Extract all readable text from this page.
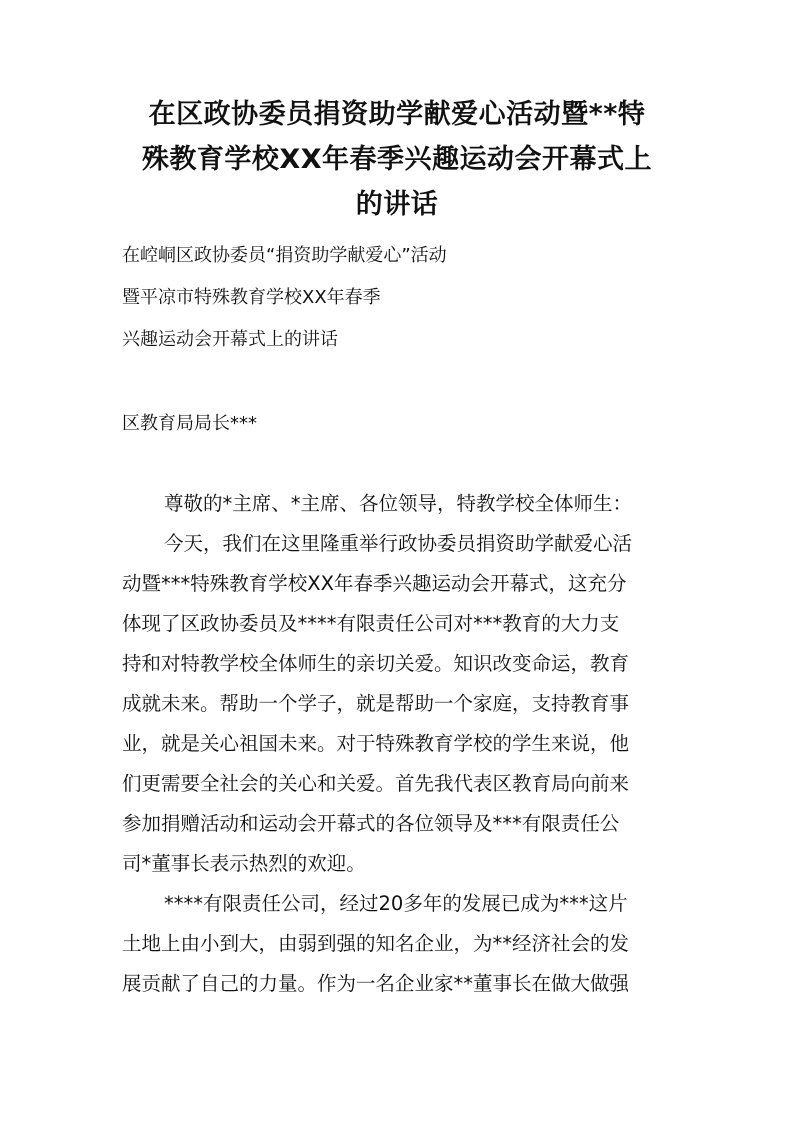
在区政协委员捐资助学献爱心活动暨**特
殊教育学校XX年春季兴趣运动会开幕式上
的讲话
在崆峒区政协委员“捐资助学献爱心”活动
暨平凉市特殊教育学校XX年春季
兴趣运动会开幕式上的讲话
区教育局局长***
尊敬的*主席、*主席、各位领导，特教学校全体师生：
今天，我们在这里隆重举行政协委员捐资助学献爱心活
动暨***特殊教育学校XX年春季兴趣运动会开幕式，这充分
体现了区政协委员及****有限责任公司对***教育的大力支
持和对特教学校全体师生的亲切关爱。知识改变命运，教育
成就未来。帮助一个学子，就是帮助一个家庭，支持教育事
业，就是关心祖国未来。对于特殊教育学校的学生来说，他
们更需要全社会的关心和关爱。首先我代表区教育局向前来
参加捐赠活动和运动会开幕式的各位领导及***有限责任公
司*董事长表示热烈的欢迎。
****有限责任公司，经过20多年的发展已成为***这片
土地上由小到大，由弱到强的知名企业，为**经济社会的发
展贡献了自己的力量。作为一名企业家**董事长在做大做强
